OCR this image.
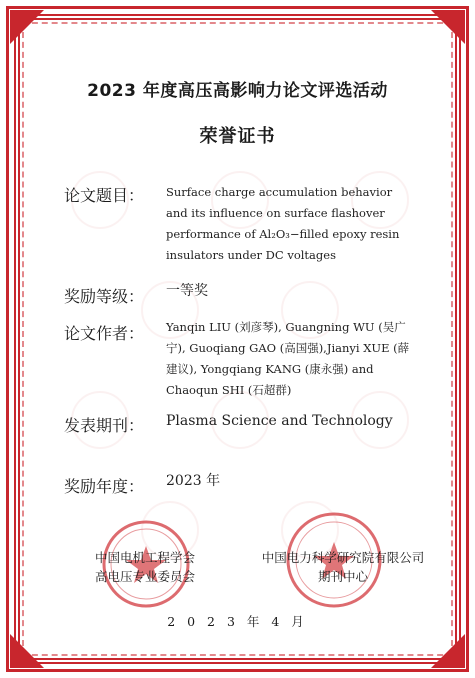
2023 年度高压高影响力论文评选活动
荣誉证书
论文题目： Surface charge accumulation behavior
and its influence on surface flashover
performance of Al₂O₃−filled epoxy resin
insulators under DC voltages
奖励等级： 一等奖
论文作者： Yanqin LIU (刘彦琴), Guangning WU (吴广
宁), Guoqiang GAO (高国强),Jianyi XUE (薛
建议), Yongqiang KANG (康永强) and
Chaoqun SHI (石超群)
发表期刊： Plasma Science and Technology
奖励年度： 2023 年
中国电机工程学会
高电压专业委员会
中国电力科学研究院有限公司
期刊中心
2 0 2 3 年 4 月
